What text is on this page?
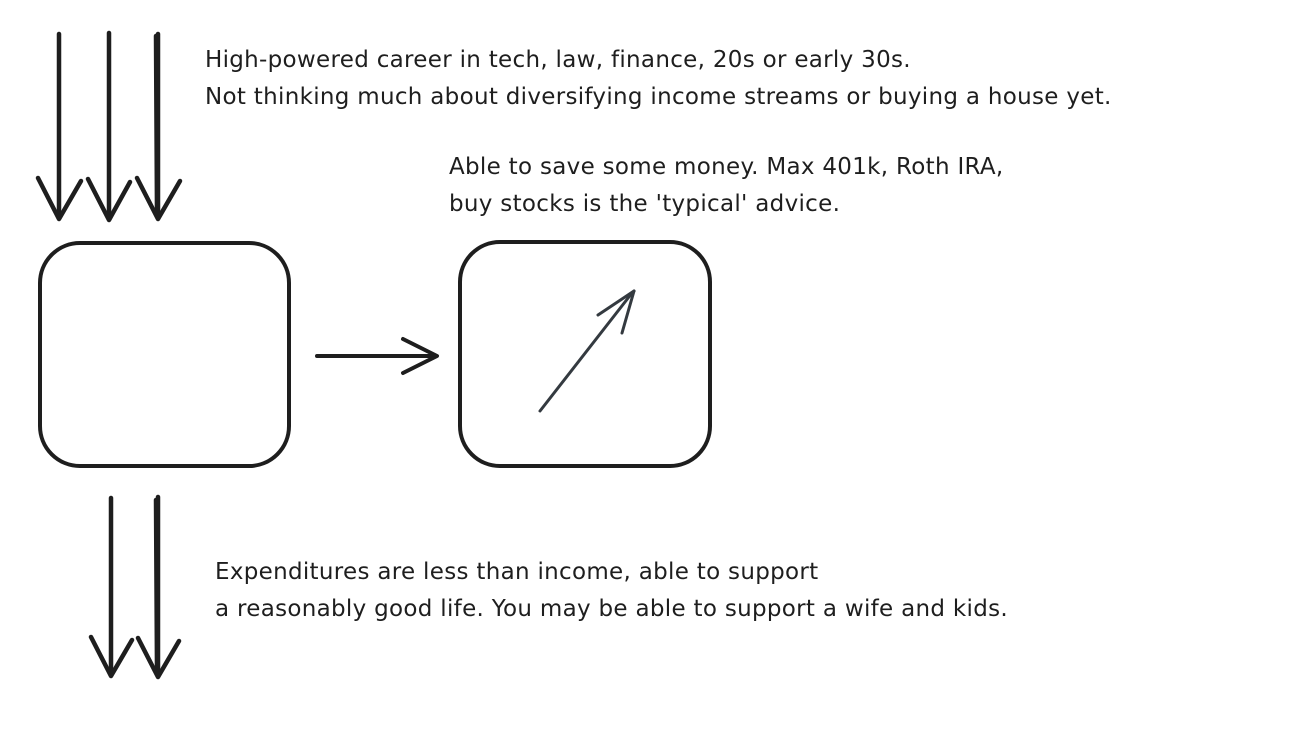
High-powered career in tech, law, finance, 20s or early 30s.
Not thinking much about diversifying income streams or buying a house yet.
Able to save some money. Max 401k, Roth IRA,
buy stocks is the 'typical' advice.
Expenditures are less than income, able to support
a reasonably good life. You may be able to support a wife and kids.
